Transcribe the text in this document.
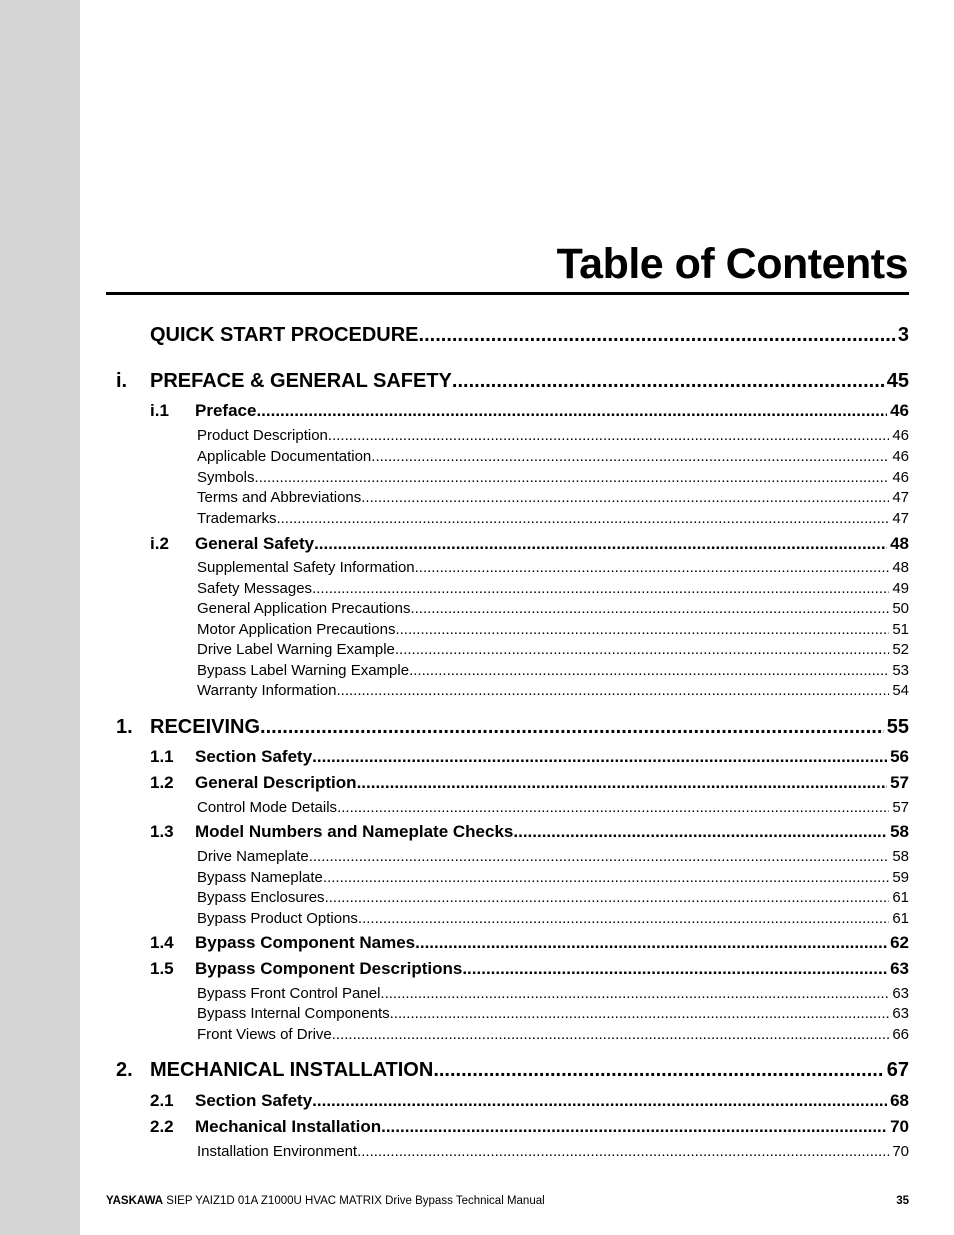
Table of Contents
QUICK START PROCEDURE .....	3
i. PREFACE & GENERAL SAFETY .....	45
i.1 Preface .....	46
Product Description .....	46
Applicable Documentation .....	46
Symbols .....	46
Terms and Abbreviations .....	47
Trademarks .....	47
i.2 General Safety .....	48
Supplemental Safety Information .....	48
Safety Messages .....	49
General Application Precautions .....	50
Motor Application Precautions .....	51
Drive Label Warning Example .....	52
Bypass Label Warning Example .....	53
Warranty Information .....	54
1. RECEIVING .....	55
1.1 Section Safety .....	56
1.2 General Description .....	57
Control Mode Details .....	57
1.3 Model Numbers and Nameplate Checks .....	58
Drive Nameplate .....	58
Bypass Nameplate .....	59
Bypass Enclosures .....	61
Bypass Product Options .....	61
1.4 Bypass Component Names .....	62
1.5 Bypass Component Descriptions .....	63
Bypass Front Control Panel .....	63
Bypass Internal Components .....	63
Front Views of Drive .....	66
2. MECHANICAL INSTALLATION .....	67
2.1 Section Safety .....	68
2.2 Mechanical Installation .....	70
Installation Environment .....	70
YASKAWA SIEP YAIZ1D 01A Z1000U HVAC MATRIX Drive Bypass Technical Manual	35
